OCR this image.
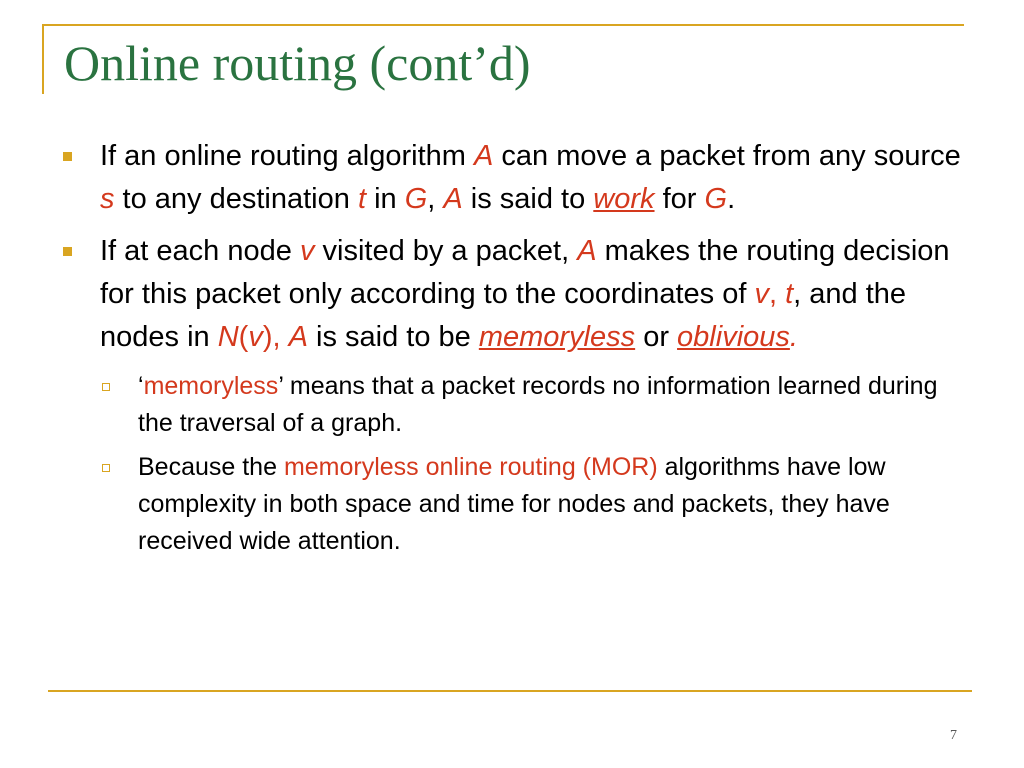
Online routing (cont’d)
If an online routing algorithm A can move a packet from any source s to any destination t in G, A is said to work for G.
If at each node v visited by a packet, A makes the routing decision for this packet only according to the coordinates of v, t, and the nodes in N(v), A is said to be memoryless or oblivious.
‘memoryless’ means that a packet records no information learned during the traversal of a graph.
Because the memoryless online routing (MOR) algorithms have low complexity in both space and time for nodes and packets, they have received wide attention.
7
